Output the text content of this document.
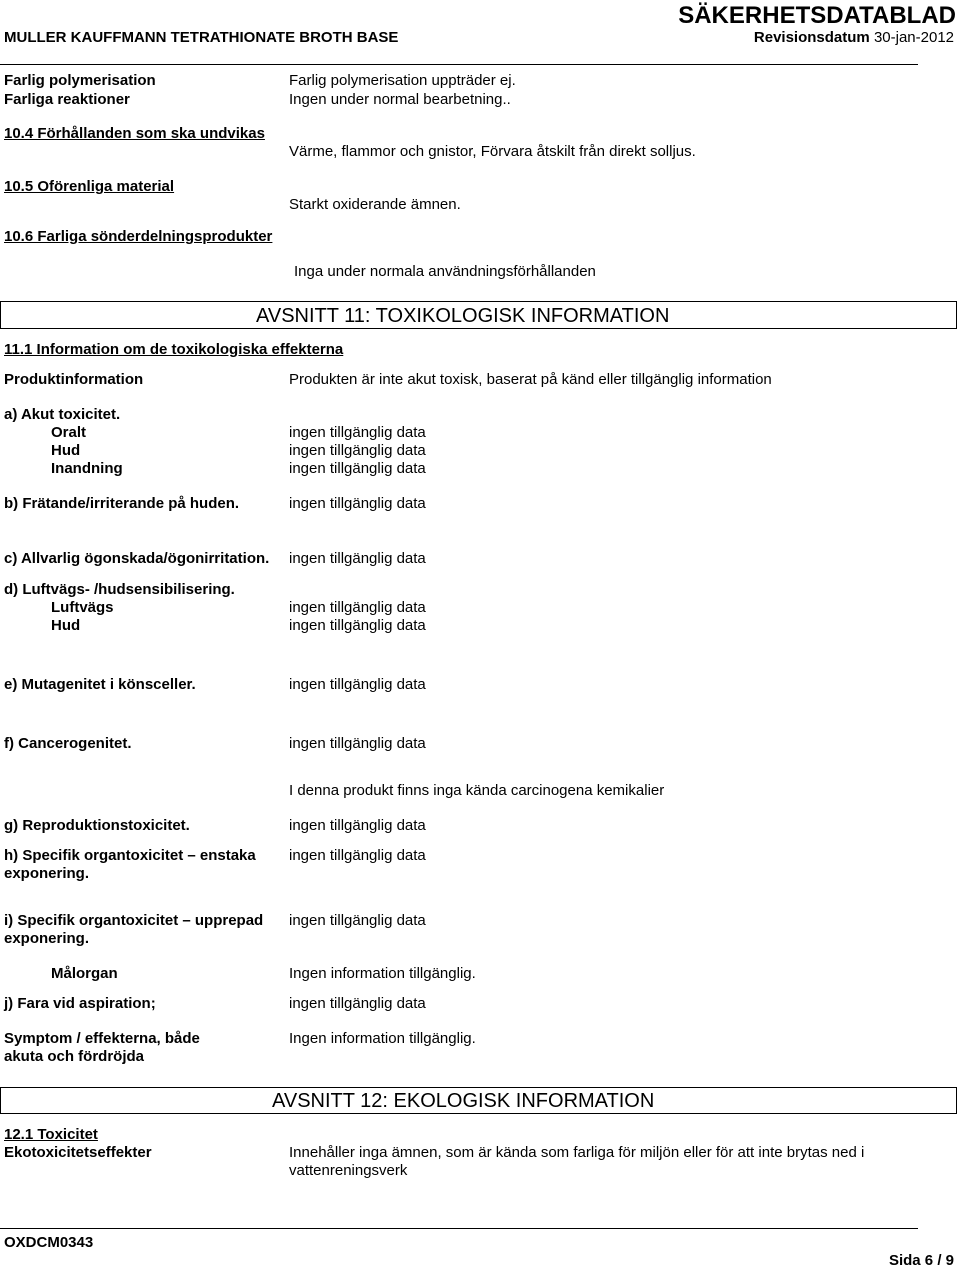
SÄKERHETSDATABLAD
MULLER KAUFFMANN TETRATHIONATE BROTH BASE	Revisionsdatum 30-jan-2012
Farlig polymerisation	Farlig polymerisation uppträder ej.
Farliga reaktioner	Ingen under normal bearbetning..
10.4 Förhållanden som ska undvikas
Värme, flammor och gnistor, Förvara åtskilt från direkt solljus.
10.5 Oförenliga material
Starkt oxiderande ämnen.
10.6 Farliga sönderdelningsprodukter
Inga under normala användningsförhållanden
AVSNITT 11: TOXIKOLOGISK INFORMATION
11.1 Information om de toxikologiska effekterna
Produktinformation	Produkten är inte akut toxisk, baserat på känd eller tillgänglig information
a) Akut toxicitet.
Oralt	ingen tillgänglig data
Hud	ingen tillgänglig data
Inandning	ingen tillgänglig data
b) Frätande/irriterande på huden.	ingen tillgänglig data
c) Allvarlig ögonskada/ögonirritation. ingen tillgänglig data
d) Luftvägs- /hudsensibilisering.
Luftvägs	ingen tillgänglig data
Hud	ingen tillgänglig data
e) Mutagenitet i könsceller.	ingen tillgänglig data
f) Cancerogenitet.	ingen tillgänglig data
I denna produkt finns inga kända carcinogena kemikalier
g) Reproduktionstoxicitet.	ingen tillgänglig data
h) Specifik organtoxicitet – enstaka exponering.
ingen tillgänglig data
i) Specifik organtoxicitet – upprepad exponering.
ingen tillgänglig data
Målorgan	Ingen information tillgänglig.
j) Fara vid aspiration;	ingen tillgänglig data
Symptom / effekterna, både akuta och fördröjda
Ingen information tillgänglig.
AVSNITT 12: EKOLOGISK INFORMATION
12.1 Toxicitet
Ekotoxicitetseffekter	Innehåller inga ämnen, som är kända som farliga för miljön eller för att inte brytas ned i vattenreningsverk
OXDCM0343
Sida 6 / 9
